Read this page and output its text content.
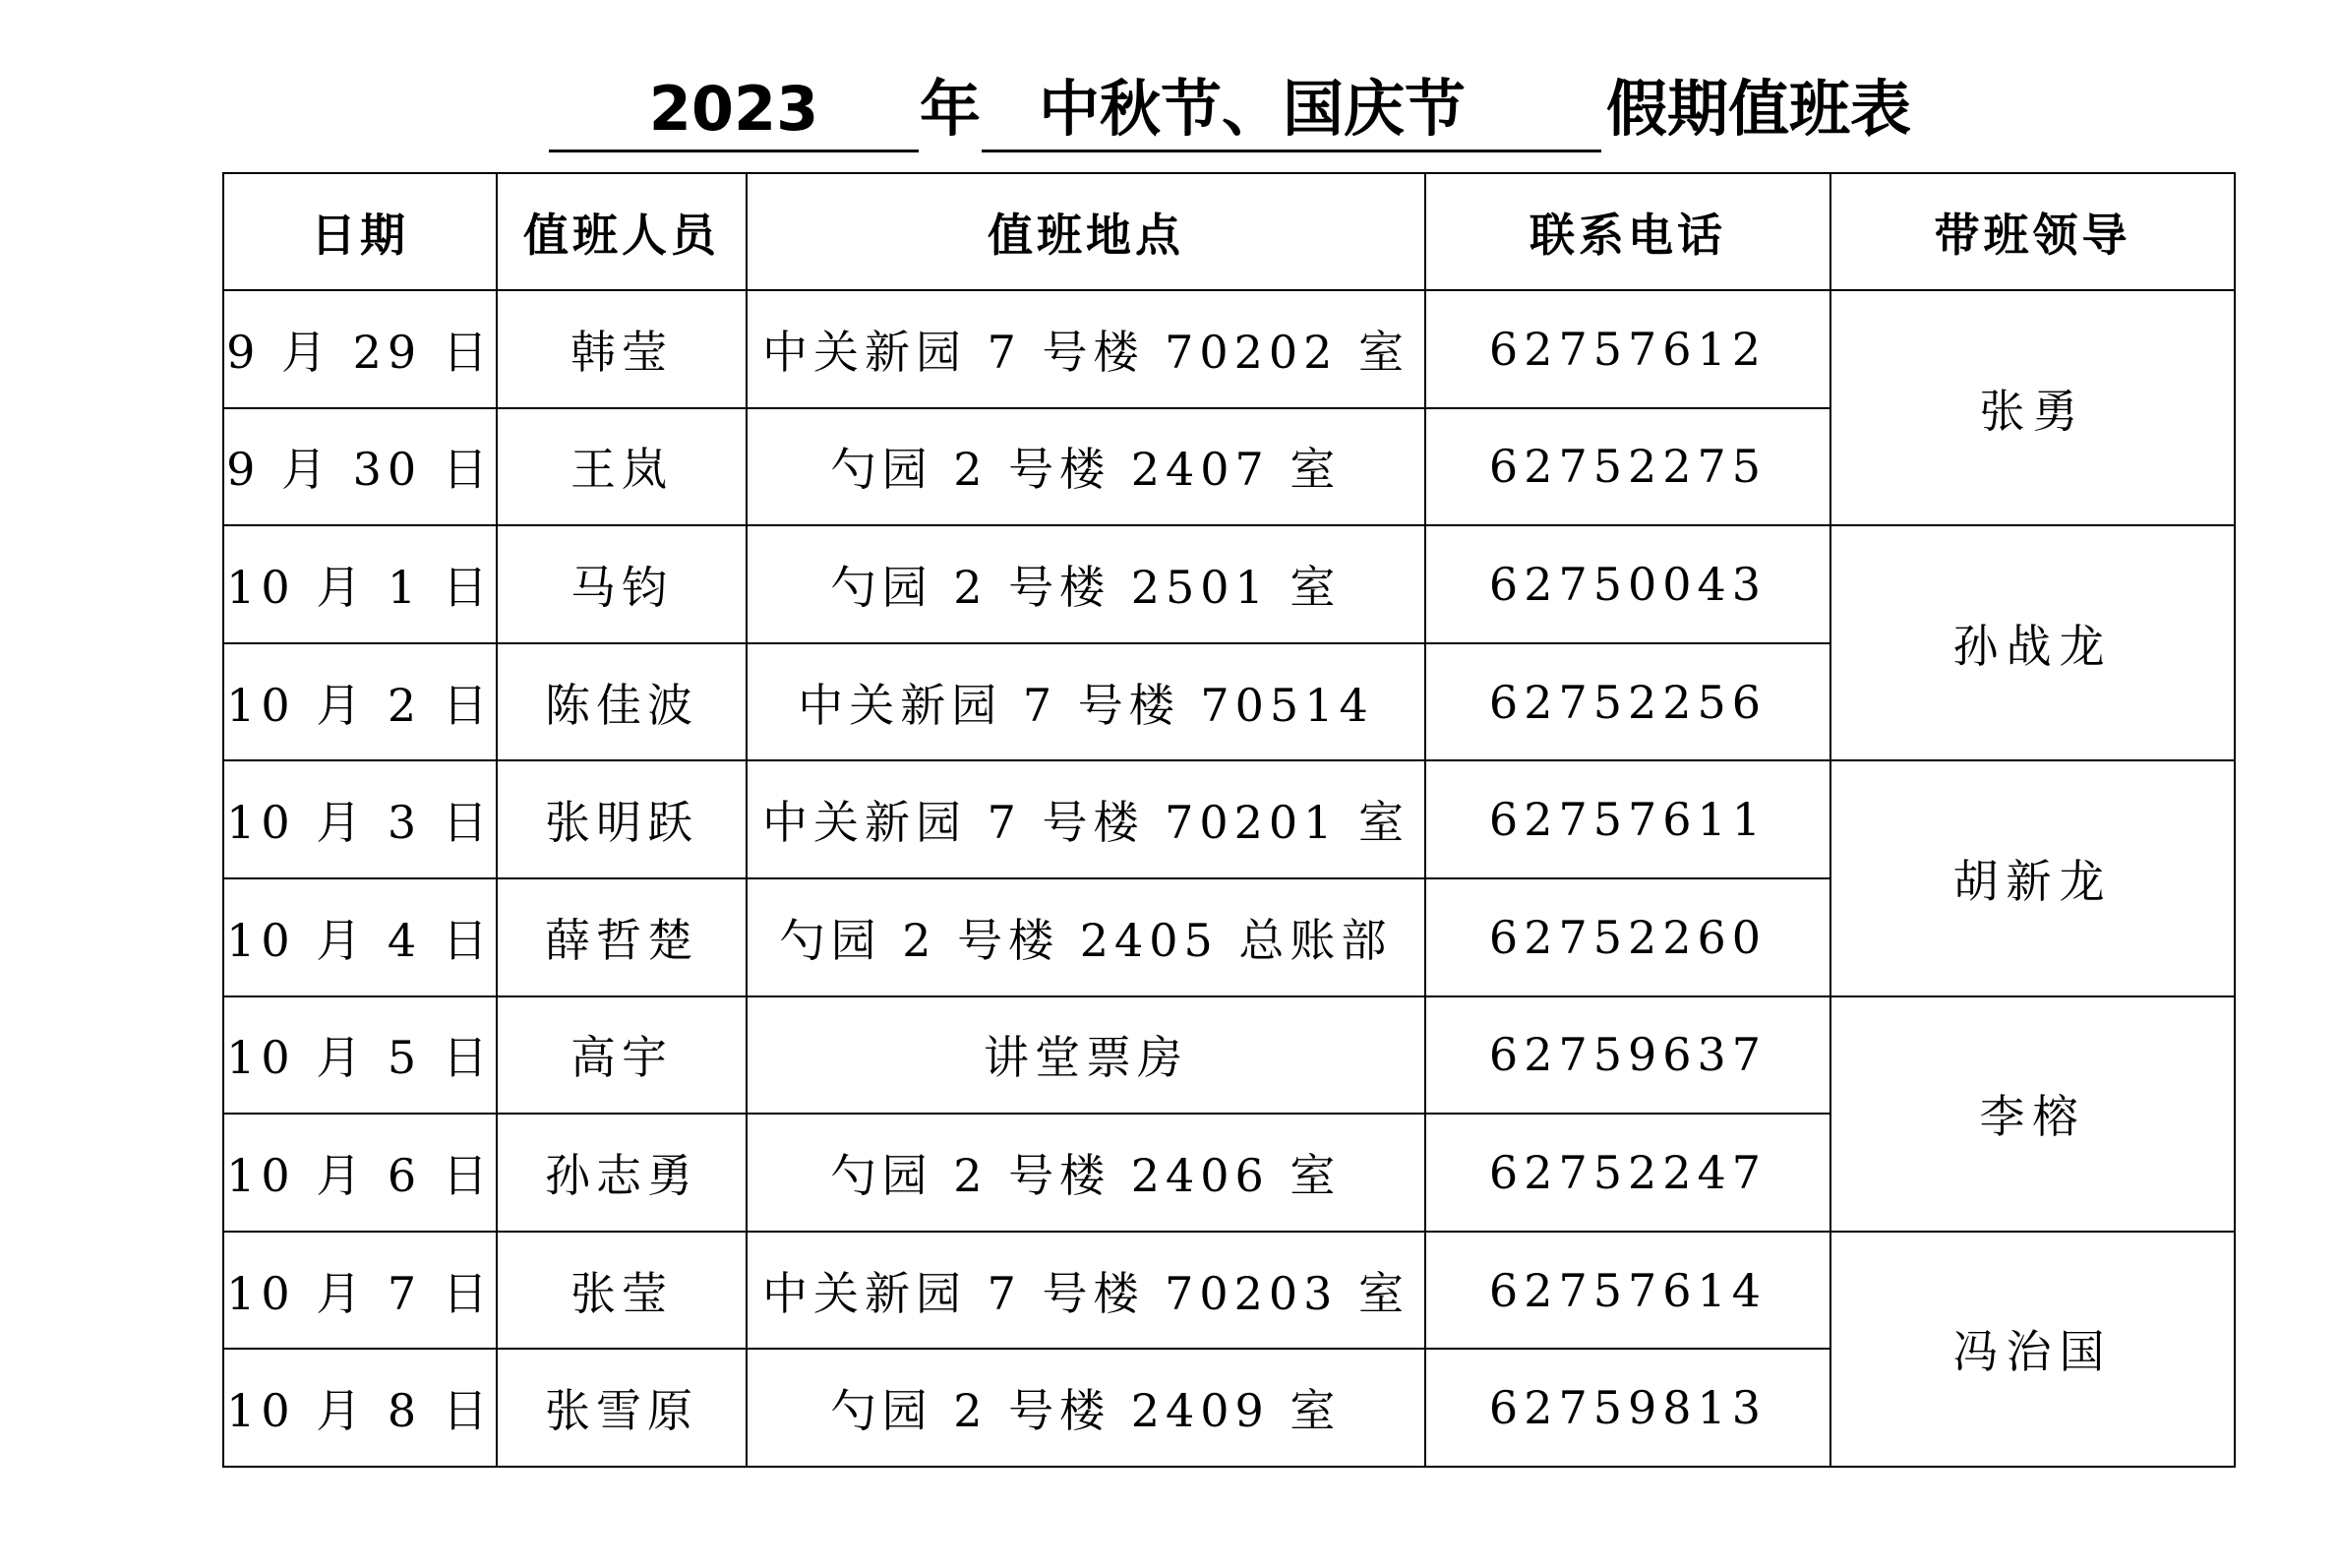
2023	年 中秋节、国庆节	假期值班表
日期	值班人员	值班地点	联系电话	带班领导
9 月 29 日	韩莹	中关新园 7 号楼 70202 室	62757612	张勇
9 月 30 日	王岚	勺园 2 号楼 2407 室	62752275	
10 月 1 日	马钧	勺园 2 号楼 2501 室	62750043	孙战龙
10 月 2 日	陈佳波	中关新园 7 号楼 70514	62752256	
10 月 3 日	张明跃	中关新园 7 号楼 70201 室	62757611	胡新龙
10 月 4 日	薛哲楚	勺园 2 号楼 2405 总账部	62752260	
10 月 5 日	高宇	讲堂票房	62759637	李榕
10 月 6 日	孙志勇	勺园 2 号楼 2406 室	62752247	
10 月 7 日	张莹	中关新园 7 号楼 70203 室	62757614	冯治国
10 月 8 日	张雪原	勺园 2 号楼 2409 室	62759813	
